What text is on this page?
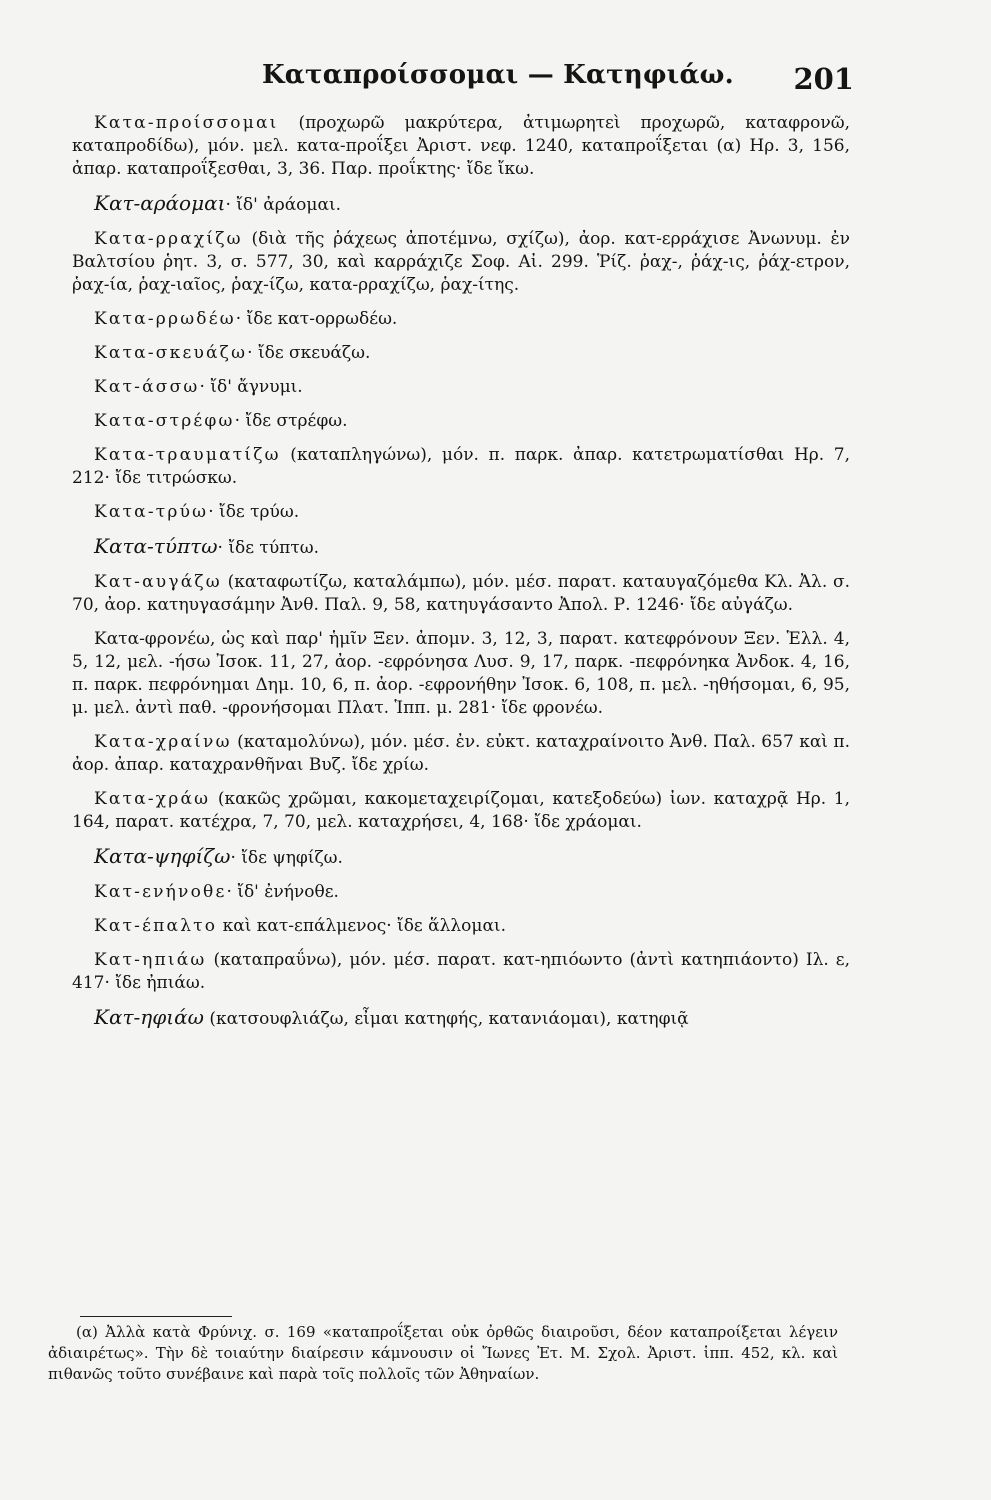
Καταπροίσσομαι — Κατηφιάω. 201

Κατα-προίσσομαι (προχωρῶ μακρύτερα, ἀτιμωρητεὶ προχωρῶ, καταφρονῶ, καταπροδίδω), μόν. μελ. κατα-προΐξει Ἀριστ. νεφ. 1240, καταπροΐξεται (α) Ηρ. 3, 156, ἀπαρ. καταπροΐξεσθαι, 3, 36. Παρ. προΐκτης· ἴδε ἴκω.

Κατ-αράομαι· ἴδ' ἀράομαι.

Κατα-ρραχίζω (διὰ τῆς ῥάχεως ἀποτέμνω, σχίζω), ἀορ. κατ-ερράχισε Ἀνωνυμ. ἐν Βαλτσίου ῥητ. 3, σ. 577, 30, καὶ καρράχιζε Σοφ. Αἰ. 299. Ῥίζ. ῥαχ-, ῥάχ-ις, ῥάχ-ετρον, ῥαχ-ία, ῥαχ-ιαῖος, ῥαχ-ίζω, κατα-ρραχίζω, ῥαχ-ίτης.

Κατα-ρρωδέω· ἴδε κατ-ορρωδέω.

Κατα-σκευάζω· ἴδε σκευάζω.

Κατ-άσσω· ἴδ' ἄγνυμι.

Κατα-στρέφω· ἴδε στρέφω.

Κατα-τραυματίζω (καταπληγώνω), μόν. π. παρκ. ἀπαρ. κατετρωματίσθαι Ηρ. 7, 212· ἴδε τιτρώσκω.

Κατα-τρύω· ἴδε τρύω.

Κατα-τύπτω· ἴδε τύπτω.

Κατ-αυγάζω (καταφωτίζω, καταλάμπω), μόν. μέσ. παρατ. καταυγαζόμεθα Κλ. Ἀλ. σ. 70, ἀορ. κατηυγασάμην Ἀνθ. Παλ. 9, 58, κατηυγάσαντο Ἀπολ. Ρ. 1246· ἴδε αὐγάζω.

Κατα-φρονέω, ὡς καὶ παρ' ἡμῖν Ξεν. ἀπομν. 3, 12, 3, παρατ. κατεφρόνουν Ξεν. Ἑλλ. 4, 5, 12, μελ. -ήσω Ἰσοκ. 11, 27, ἀορ. -εφρόνησα Λυσ. 9, 17, παρκ. -πεφρόνηκα Ἀνδοκ. 4, 16, π. παρκ. πεφρόνημαι Δημ. 10, 6, π. ἀορ. -εφρονήθην Ἰσοκ. 6, 108, π. μελ. -ηθήσομαι, 6, 95, μ. μελ. ἀντὶ παθ. -φρονήσομαι Πλατ. Ἱππ. μ. 281· ἴδε φρονέω.

Κατα-χραίνω (καταμολύνω), μόν. μέσ. ἐν. εὐκτ. καταχραίνοιτο Ἀνθ. Παλ. 657 καὶ π. ἀορ. ἀπαρ. καταχρανθῆναι Βυζ. ἴδε χρίω.

Κατα-χράω (κακῶς χρῶμαι, κακομεταχειρίζομαι, κατεξοδεύω) ἰων. καταχρᾷ Ηρ. 1, 164, παρατ. κατέχρα, 7, 70, μελ. καταχρήσει, 4, 168· ἴδε χράομαι.

Κατα-ψηφίζω· ἴδε ψηφίζω.

Κατ-ενήνοθε· ἴδ' ἐνήνοθε.

Κατ-έπαλτο καὶ κατ-επάλμενος· ἴδε ἅλλομαι.

Κατ-ηπιάω (καταπραΰνω), μόν. μέσ. παρατ. κατ-ηπιόωντο (ἀντὶ κατηπιάοντο) Ιλ. ε, 417· ἴδε ἠπιάω.

Κατ-ηφιάω (κατσουφλιάζω, εἶμαι κατηφής, κατανιάομαι), κατηφιᾷ

(α) Ἀλλὰ κατὰ Φρύνιχ. σ. 169 «καταπροΐξεται οὐκ ὀρθῶς διαιροῦσι, δέον καταπροίξεται λέγειν ἀδιαιρέτως». Τὴν δὲ τοιαύτην διαίρεσιν κάμνουσιν οἱ Ἴωνες Ἐτ. Μ. Σχολ. Ἀριστ. ἱππ. 452, κλ. καὶ πιθανῶς τοῦτο συνέβαινε καὶ παρὰ τοῖς πολλοῖς τῶν Ἀθηναίων.
